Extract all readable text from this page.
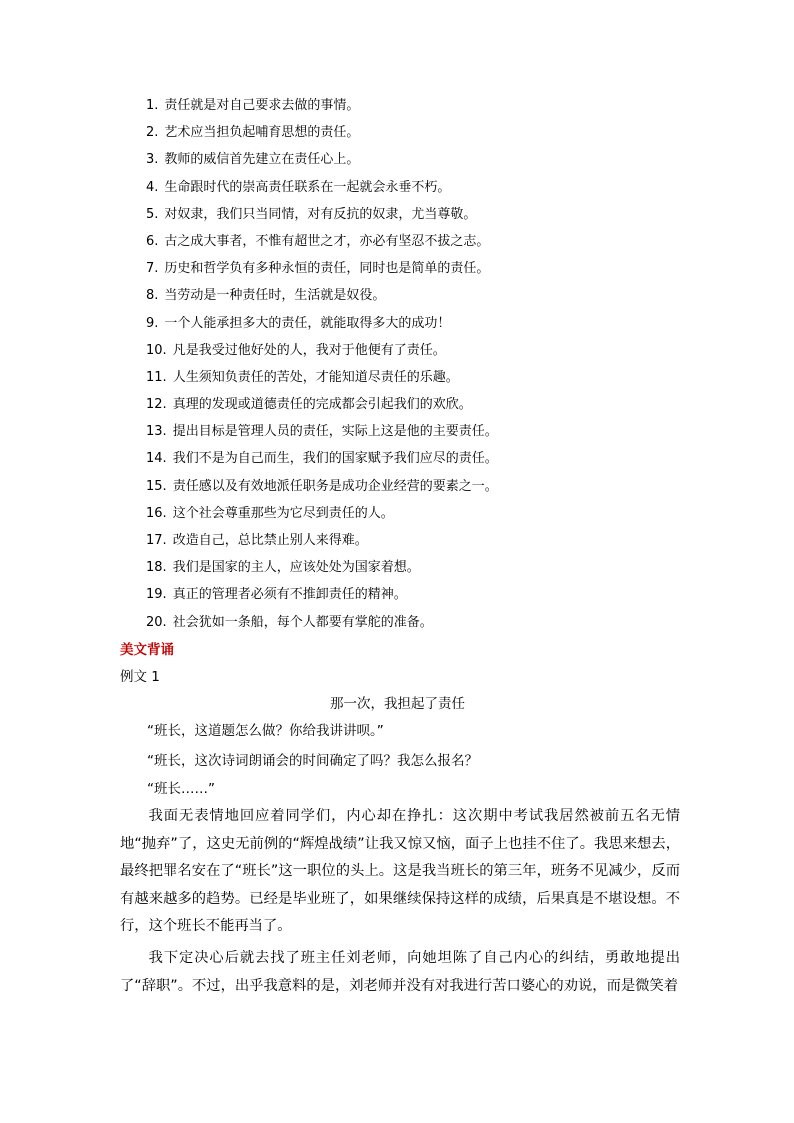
1. 责任就是对自己要求去做的事情。
2. 艺术应当担负起哺育思想的责任。
3. 教师的威信首先建立在责任心上。
4. 生命跟时代的崇高责任联系在一起就会永垂不朽。
5. 对奴隶，我们只当同情，对有反抗的奴隶，尤当尊敬。
6. 古之成大事者，不惟有超世之才，亦必有坚忍不拔之志。
7. 历史和哲学负有多种永恒的责任，同时也是简单的责任。
8. 当劳动是一种责任时，生活就是奴役。
9. 一个人能承担多大的责任，就能取得多大的成功！
10. 凡是我受过他好处的人，我对于他便有了责任。
11. 人生须知负责任的苦处，才能知道尽责任的乐趣。
12. 真理的发现或道德责任的完成都会引起我们的欢欣。
13. 提出目标是管理人员的责任，实际上这是他的主要责任。
14. 我们不是为自己而生，我们的国家赋予我们应尽的责任。
15. 责任感以及有效地派任职务是成功企业经营的要素之一。
16. 这个社会尊重那些为它尽到责任的人。
17. 改造自己，总比禁止别人来得难。
18. 我们是国家的主人，应该处处为国家着想。
19. 真正的管理者必须有不推卸责任的精神。
20. 社会犹如一条船，每个人都要有掌舵的准备。
美文背诵
例文 1
那一次，我担起了责任
“班长，这道题怎么做？你给我讲讲呗。”
“班长，这次诗词朗诵会的时间确定了吗？我怎么报名？
“班长……”

我面无表情地回应着同学们，内心却在挣扎：这次期中考试我居然被前五名无情地“抛弃”了，这史无前例的“辉煌战绩”让我又惊又恼，面子上也挂不住了。我思来想去，最终把罪名安在了“班长”这一职位的头上。这是我当班长的第三年，班务不见减少，反而有越来越多的趋势。已经是毕业班了，如果继续保持这样的成绩，后果真是不堪设想。不行，这个班长不能再当了。

我下定决心后就去找了班主任刘老师，向她坦陈了自己内心的纠结，勇敢地提出了“辞职”。不过，出乎我意料的是，刘老师并没有对我进行苦口婆心的劝说，而是微笑着
